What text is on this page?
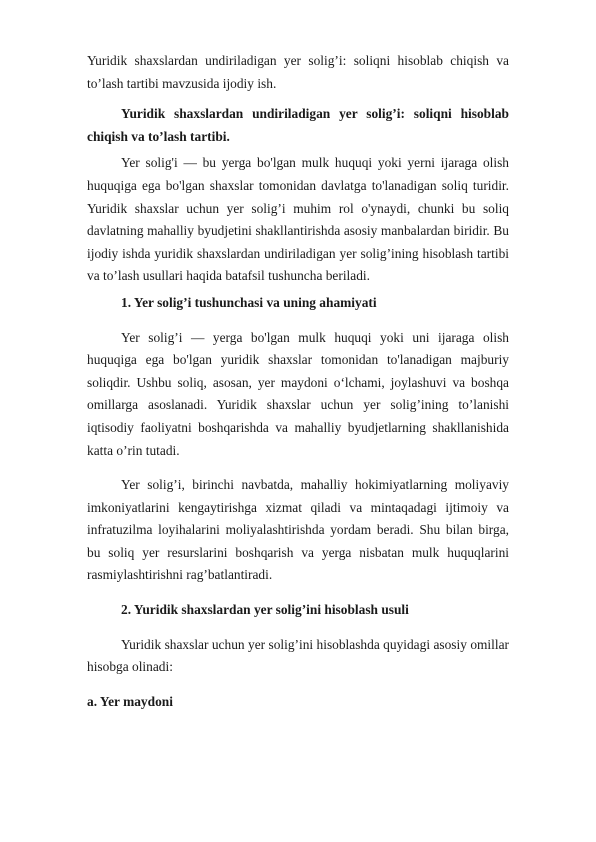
Yuridik shaxslardan undiriladigan yer solig’i: soliqni hisoblab chiqish va to’lash tartibi mavzusida ijodiy ish.

Yuridik shaxslardan undiriladigan yer solig’i: soliqni hisoblab chiqish va to’lash tartibi.

Yer solig'i — bu yerga bo'lgan mulk huquqi yoki yerni ijaraga olish huquqiga ega bo'lgan shaxslar tomonidan davlatga to'lanadigan soliq turidir. Yuridik shaxslar uchun yer solig’i muhim rol o'ynaydi, chunki bu soliq davlatning mahalliy byudjetini shakllantirishda asosiy manbalardan biridir. Bu ijodiy ishda yuridik shaxslardan undiriladigan yer solig’ining hisoblash tartibi va to’lash usullari haqida batafsil tushuncha beriladi.

1. Yer solig’i tushunchasi va uning ahamiyati

Yer solig’i — yerga bo'lgan mulk huquqi yoki uni ijaraga olish huquqiga ega bo'lgan yuridik shaxslar tomonidan to'lanadigan majburiy soliqdir. Ushbu soliq, asosan, yer maydoni o‘lchami, joylashuvi va boshqa omillarga asoslanadi. Yuridik shaxslar uchun yer solig’ining to’lanishi iqtisodiy faoliyatni boshqarishda va mahalliy byudjetlarning shakllanishida katta o’rin tutadi.

Yer solig’i, birinchi navbatda, mahalliy hokimiyatlarning moliyaviy imkoniyatlarini kengaytirishga xizmat qiladi va mintaqadagi ijtimoiy va infratuzilma loyihalarini moliyalashtirishda yordam beradi. Shu bilan birga, bu soliq yer resurslarini boshqarish va yerga nisbatan mulk huquqlarini rasmiylashtirishni rag’batlantiradi.

2. Yuridik shaxslardan yer solig’ini hisoblash usuli

Yuridik shaxslar uchun yer solig’ini hisoblashda quyidagi asosiy omillar hisobga olinadi:

a. Yer maydoni
